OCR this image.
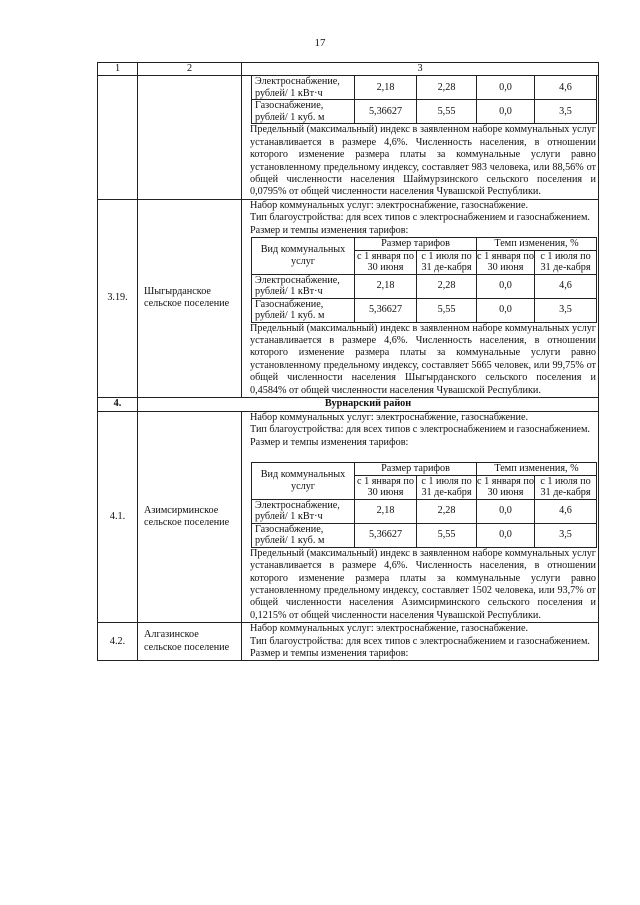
17
1	2	3

Электроснабжение, рублей/ 1 кВт·ч	2,18	2,28	0,0	4,6
Газоснабжение, рублей/ 1 куб. м	5,36627	5,55	0,0	3,5

Предельный (максимальный) индекс в заявленном наборе коммунальных услуг устанавливается в размере 4,6%. Численность населения, в отношении которого изменение размера платы за коммунальные услуги равно установленному предельному индексу, составляет 983 человека, или 88,56% от общей численности населения Шаймурзинского сельского поселения и 0,0795% от общей численности населения Чувашской Республики.

3.19.	Шыгырданское сельское поселение	

Набор коммунальных услуг: электроснабжение, газоснабжение.

Тип благоустройства: для всех типов с электроснабжением и газоснабжением.

Размер и темпы изменения тарифов:

Вид коммунальных услуг	Размер тарифов	Темп изменения, %
с 1 января по 30 июня	с 1 июля по 31 де-кабря	с 1 января по 30 июня	с 1 июля по 31 де-кабря
Электроснабжение, рублей/ 1 кВт·ч	2,18	2,28	0,0	4,6
Газоснабжение, рублей/ 1 куб. м	5,36627	5,55	0,0	3,5

Предельный (максимальный) индекс в заявленном наборе коммунальных услуг устанавливается в размере 4,6%. Численность населения, в отношении которого изменение размера платы за коммунальные услуги равно установленному предельному индексу, составляет 5665 человек, или 99,75% от общей численности населения Шыгырданского сельского поселения и 0,4584% от общей численности населения Чувашской Республики.

4.	Вурнарский район
4.1.	Азимсирминское сельское поселение	

Набор коммунальных услуг: электроснабжение, газоснабжение.

Тип благоустройства: для всех типов с электроснабжением и газоснабжением.

Размер и темпы изменения тарифов:

Вид коммунальных услуг	Размер тарифов	Темп изменения, %
с 1 января по 30 июня	с 1 июля по 31 де-кабря	с 1 января по 30 июня	с 1 июля по 31 де-кабря
Электроснабжение, рублей/ 1 кВт·ч	2,18	2,28	0,0	4,6
Газоснабжение, рублей/ 1 куб. м	5,36627	5,55	0,0	3,5

Предельный (максимальный) индекс в заявленном наборе коммунальных услуг устанавливается в размере 4,6%. Численность населения, в отношении которого изменение размера платы за коммунальные услуги равно установленному предельному индексу, составляет 1502 человека, или 93,7% от общей численности населения Азимсирминского сельского поселения и 0,1215% от общей численности населения Чувашской Республики.

4.2.	Алгазинское сельское поселение	

Набор коммунальных услуг: электроснабжение, газоснабжение.

Тип благоустройства: для всех типов с электроснабжением и газоснабжением.

Размер и темпы изменения тарифов:
